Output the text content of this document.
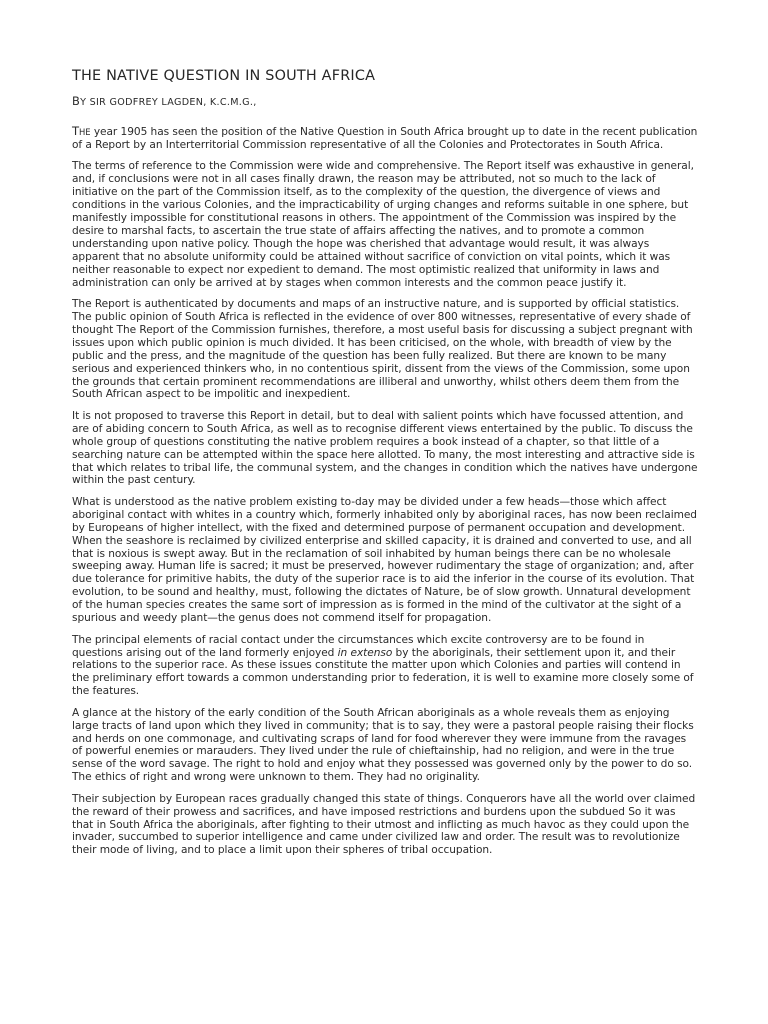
THE NATIVE QUESTION IN SOUTH AFRICA
BY SIR GODFREY LAGDEN, K.C.M.G.,

THE year 1905 has seen the position of the Native Question in South Africa brought up to date in the recent publication of a Report by an Interterritorial Commission representative of all the Colonies and Protectorates in South Africa.

The terms of reference to the Commission were wide and comprehensive. The Report itself was exhaustive in general, and, if conclusions were not in all cases finally drawn, the reason may be attributed, not so much to the lack of initiative on the part of the Commission itself, as to the complexity of the question, the divergence of views and conditions in the various Colonies, and the impracticability of urging changes and reforms suitable in one sphere, but manifestly impossible for constitutional reasons in others. The appointment of the Commission was inspired by the desire to marshal facts, to ascertain the true state of affairs affecting the natives, and to promote a common understanding upon native policy. Though the hope was cherished that advantage would result, it was always apparent that no absolute uniformity could be attained without sacrifice of conviction on vital points, which it was neither reasonable to expect nor expedient to demand. The most optimistic realized that uniformity in laws and administration can only be arrived at by stages when common interests and the common peace justify it.

The Report is authenticated by documents and maps of an instructive nature, and is supported by official statistics. The public opinion of South Africa is reflected in the evidence of over 800 witnesses, representative of every shade of thought The Report of the Commission furnishes, therefore, a most useful basis for discussing a subject pregnant with issues upon which public opinion is much divided. It has been criticised, on the whole, with breadth of view by the public and the press, and the magnitude of the question has been fully realized. But there are known to be many serious and experienced thinkers who, in no contentious spirit, dissent from the views of the Commission, some upon the grounds that certain prominent recommendations are illiberal and unworthy, whilst others deem them from the South African aspect to be impolitic and inexpedient.

It is not proposed to traverse this Report in detail, but to deal with salient points which have focussed attention, and are of abiding concern to South Africa, as well as to recognise different views entertained by the public. To discuss the whole group of questions constituting the native problem requires a book instead of a chapter, so that little of a searching nature can be attempted within the space here allotted. To many, the most interesting and attractive side is that which relates to tribal life, the communal system, and the changes in condition which the natives have undergone within the past century.

What is understood as the native problem existing to-day may be divided under a few heads—those which affect aboriginal contact with whites in a country which, formerly inhabited only by aboriginal races, has now been reclaimed by Europeans of higher intellect, with the fixed and determined purpose of permanent occupation and development. When the seashore is reclaimed by civilized enterprise and skilled capacity, it is drained and converted to use, and all that is noxious is swept away. But in the reclamation of soil inhabited by human beings there can be no wholesale sweeping away. Human life is sacred; it must be preserved, however rudimentary the stage of organization; and, after due tolerance for primitive habits, the duty of the superior race is to aid the inferior in the course of its evolution. That evolution, to be sound and healthy, must, following the dictates of Nature, be of slow growth. Unnatural development of the human species creates the same sort of impression as is formed in the mind of the cultivator at the sight of a spurious and weedy plant—the genus does not commend itself for propagation.

The principal elements of racial contact under the circumstances which excite controversy are to be found in questions arising out of the land formerly enjoyed in extenso by the aboriginals, their settlement upon it, and their relations to the superior race. As these issues constitute the matter upon which Colonies and parties will contend in the preliminary effort towards a common understanding prior to federation, it is well to examine more closely some of the features.

A glance at the history of the early condition of the South African aboriginals as a whole reveals them as enjoying large tracts of land upon which they lived in community; that is to say, they were a pastoral people raising their flocks and herds on one commonage, and cultivating scraps of land for food wherever they were immune from the ravages of powerful enemies or marauders. They lived under the rule of chieftainship, had no religion, and were in the true sense of the word savage. The right to hold and enjoy what they possessed was governed only by the power to do so. The ethics of right and wrong were unknown to them. They had no originality.

Their subjection by European races gradually changed this state of things. Conquerors have all the world over claimed the reward of their prowess and sacrifices, and have imposed restrictions and burdens upon the subdued So it was that in South Africa the aboriginals, after fighting to their utmost and inflicting as much havoc as they could upon the invader, succumbed to superior intelligence and came under civilized law and order. The result was to revolutionize their mode of living, and to place a limit upon their spheres of tribal occupation.
